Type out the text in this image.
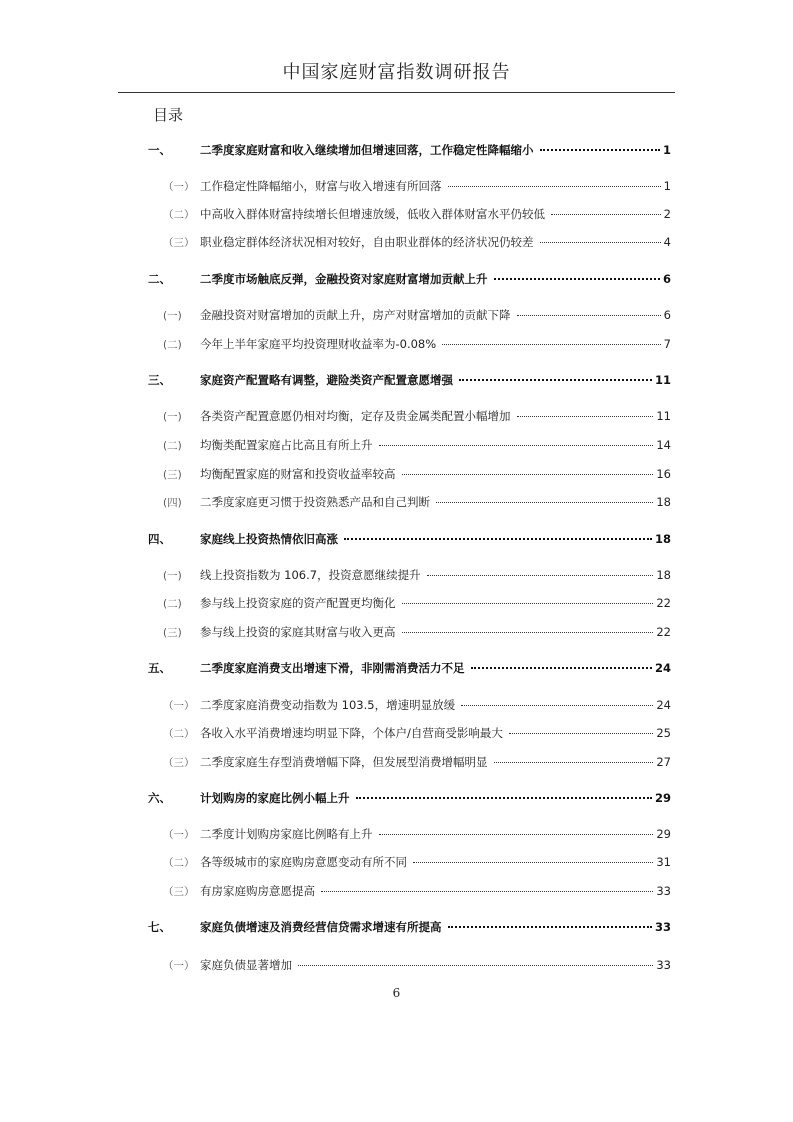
中国家庭财富指数调研报告
目录
一、	二季度家庭财富和收入继续增加但增速回落，工作稳定性降幅缩小	1
（一） 工作稳定性降幅缩小，财富与收入增速有所回落	1
（二） 中高收入群体财富持续增长但增速放缓，低收入群体财富水平仍较低	2
（三） 职业稳定群体经济状况相对较好，自由职业群体的经济状况仍较差	4
二、	二季度市场触底反弹，金融投资对家庭财富增加贡献上升	6
(一)	金融投资对财富增加的贡献上升，房产对财富增加的贡献下降	6
(二)	今年上半年家庭平均投资理财收益率为-0.08%	7
三、	家庭资产配置略有调整，避险类资产配置意愿增强	11
(一)	各类资产配置意愿仍相对均衡，定存及贵金属类配置小幅增加	11
(二)	均衡类配置家庭占比高且有所上升	14
(三)	均衡配置家庭的财富和投资收益率较高	16
(四)	二季度家庭更习惯于投资熟悉产品和自己判断	18
四、	家庭线上投资热情依旧高涨	18
(一)	线上投资指数为 106.7，投资意愿继续提升	18
(二)	参与线上投资家庭的资产配置更均衡化	22
(三)	参与线上投资的家庭其财富与收入更高	22
五、	二季度家庭消费支出增速下滑，非刚需消费活力不足	24
（一） 二季度家庭消费变动指数为 103.5，增速明显放缓	24
（二） 各收入水平消费增速均明显下降，个体户/自营商受影响最大	25
（三） 二季度家庭生存型消费增幅下降，但发展型消费增幅明显	27
六、	计划购房的家庭比例小幅上升	29
（一） 二季度计划购房家庭比例略有上升	29
（二） 各等级城市的家庭购房意愿变动有所不同	31
（三） 有房家庭购房意愿提高	33
七、	家庭负债增速及消费经营信贷需求增速有所提高	33
（一） 家庭负债显著增加	33
6
